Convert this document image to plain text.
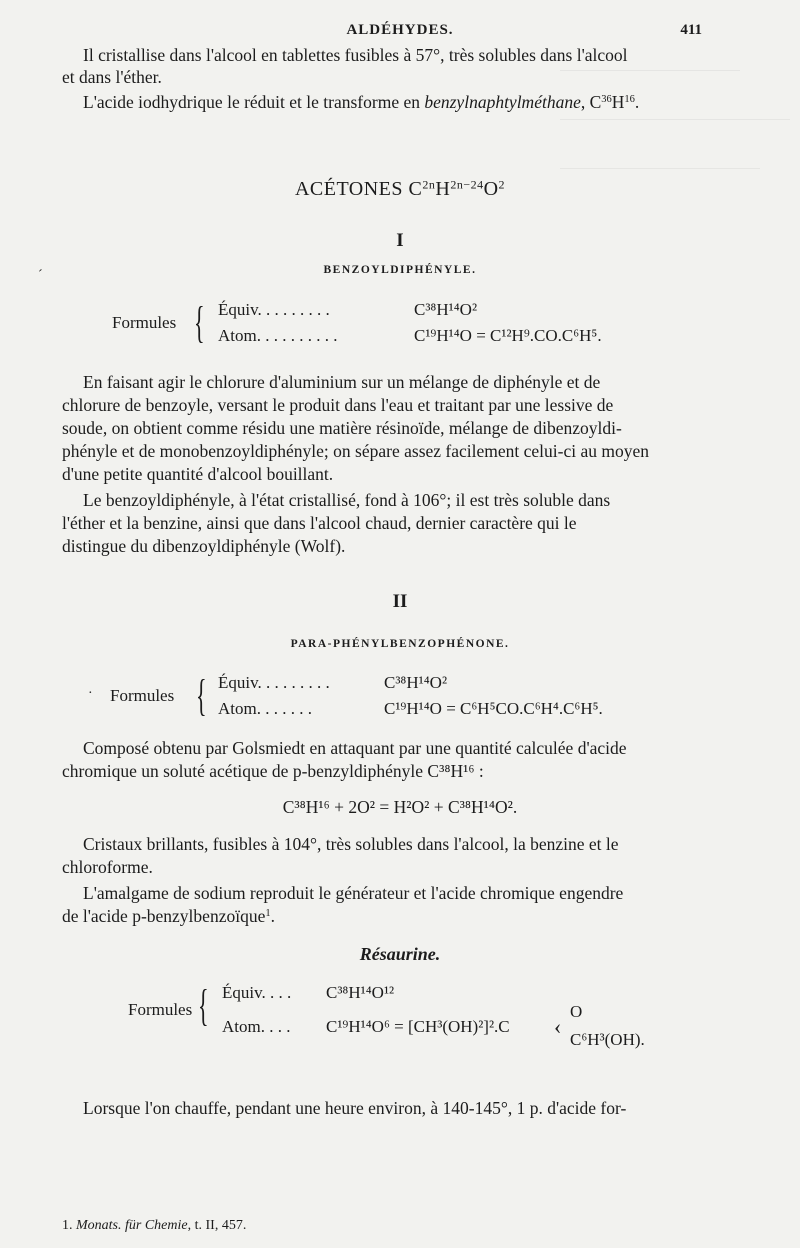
ALDÉHYDES.	411
Il cristallise dans l'alcool en tablettes fusibles à 57°, très solubles dans l'alcool
et dans l'éther.
L'acide iodhydrique le réduit et le transforme en benzylnaphtylméthane, $C^{36}H^{16}$.
ACÉTONES $C^{2n}H^{2n-24}O^2$
I
BENZOYLDIPHÉNYLE.
´
Formules { Équiv. . . . . . . . .	C³⁸H¹⁴O²
Atom. . . . . . . . . .	C¹⁹H¹⁴O = C¹²H⁹.CO.C⁶H⁵.
En faisant agir le chlorure d'aluminium sur un mélange de diphényle et de
chlorure de benzoyle, versant le produit dans l'eau et traitant par une lessive de
soude, on obtient comme résidu une matière résinoïde, mélange de dibenzoyldi-
phényle et de monobenzoyldiphényle; on sépare assez facilement celui-ci au moyen
d'une petite quantité d'alcool bouillant.
Le benzoyldiphényle, à l'état cristallisé, fond à 106°; il est très soluble dans
l'éther et la benzine, ainsi que dans l'alcool chaud, dernier caractère qui le
distingue du dibenzoyldiphényle (Wolf).
II
PARA-PHÉNYLBENZOPHÉNONE.
· Formules { Équiv. . . . . . . . .	C³⁸H¹⁴O²
Atom. . . . . . .	C¹⁹H¹⁴O = C⁶H⁵CO.C⁶H⁴.C⁶H⁵.
Composé obtenu par Golsmiedt en attaquant par une quantité calculée d'acide
chromique un soluté acétique de p-benzyldiphényle C³⁸H¹⁶ :
C³⁸H¹⁶ + 2O² = H²O² + C³⁸H¹⁴O².
Cristaux brillants, fusibles à 104°, très solubles dans l'alcool, la benzine et le
chloroforme.
L'amalgame de sodium reproduit le générateur et l'acide chromique engendre
de l'acide p-benzylbenzoïque$^1$.
Résaurine.
Formules { Équiv. . . . C³⁸H¹⁴O¹²
Atom. . . . C¹⁹H¹⁴O⁶ = [CH³(OH)²]².C ‹
O
C⁶H³(OH).
Lorsque l'on chauffe, pendant une heure environ, à 140-145°, 1 p. d'acide for-
1. Monats. für Chemie, t. II, 457.
